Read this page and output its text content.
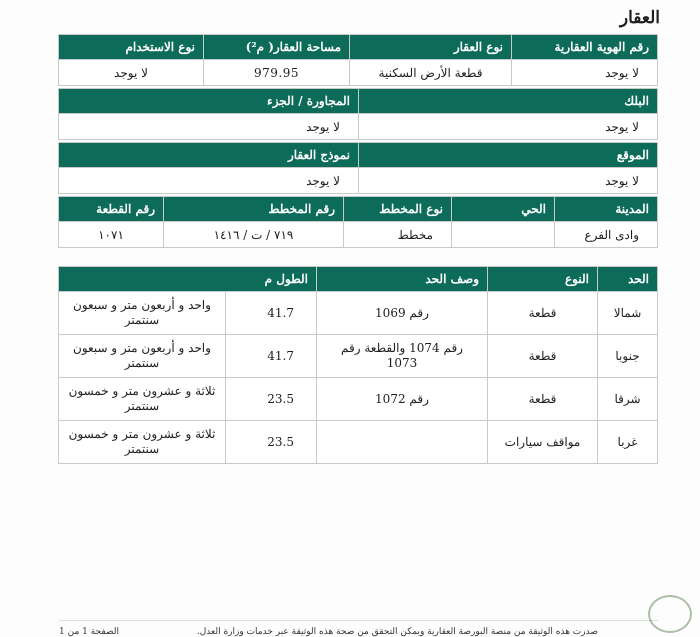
العقار
رقم الهوية العقارية	نوع العقار	مساحة العقار( م²)	نوع الاستخدام
لا يوجد	قطعة الأرض السكنية	979.95	لا يوجد
البلك	المجاورة / الجزء
لا يوجد	لا يوجد
الموقع	نموذج العقار
لا يوجد	لا يوجد
المدينة	الحي	نوع المخطط	رقم المخطط	رقم القطعة
وادى الفرع		مخطط	٧١٩ / ت / ١٤١٦	١٠٧١
الحد	النوع	وصف الحد	الطول م	
شمالا	قطعة	رقم 1069	41.7	واحد و أربعون متر و سبعون سنتمتر
جنوبا	قطعة	رقم 1074 والقطعة رقم 1073	41.7	واحد و أربعون متر و سبعون سنتمتر
شرقا	قطعة	رقم 1072	23.5	ثلاثة و عشرون متر و خمسون سنتمتر
غربا	مواقف سيارات		23.5	ثلاثة و عشرون متر و خمسون سنتمتر
صدرت هذه الوثيقة من منصة البورصة العقارية ويمكن التحقق من صحة هذه الوثيقة عبر خدمات وزارة العدل.
الصفحة 1 من 1
